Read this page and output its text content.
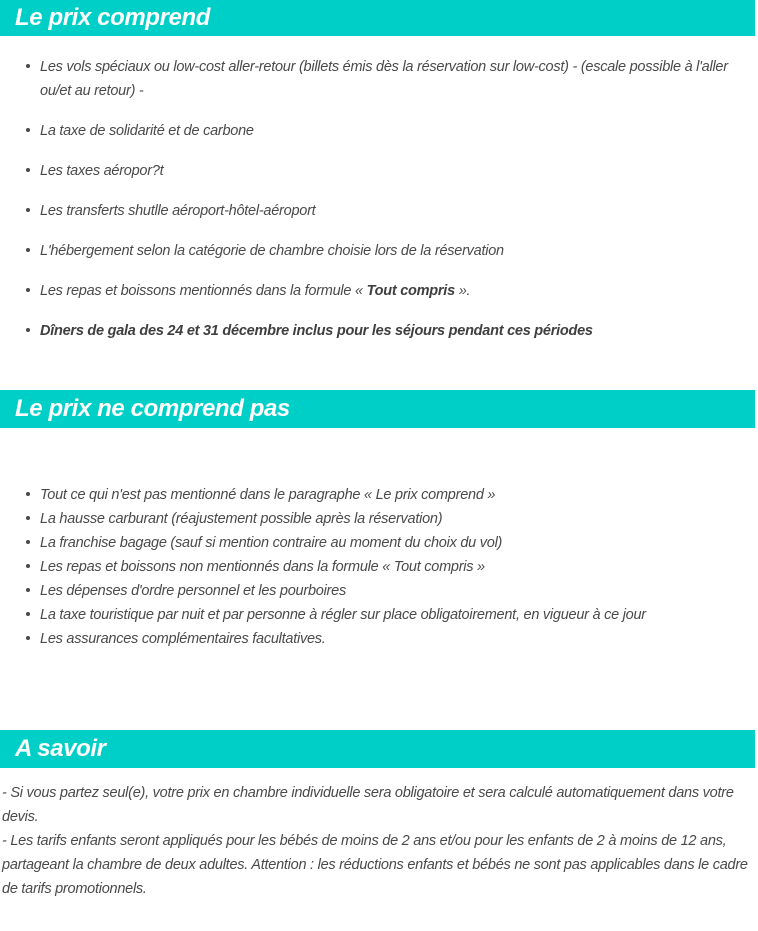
Le prix comprend
Les vols spéciaux ou low-cost aller-retour (billets émis dès la réservation sur low-cost) - (escale possible à l'aller ou/et au retour) -
La taxe de solidarité et de carbone
Les taxes aéropor?t
Les transferts shutlle aéroport-hôtel-aéroport
L'hébergement selon la catégorie de chambre choisie lors de la réservation
Les repas et boissons mentionnés dans la formule « Tout compris ».
Dîners de gala des 24 et 31 décembre inclus pour les séjours pendant ces périodes
Le prix ne comprend pas
Tout ce qui n'est pas mentionné dans le paragraphe « Le prix comprend »
La hausse carburant (réajustement possible après la réservation)
La franchise bagage (sauf si mention contraire au moment du choix du vol)
Les repas et boissons non mentionnés dans la formule « Tout compris »
Les dépenses d'ordre personnel et les pourboires
La taxe touristique par nuit et par personne à régler sur place obligatoirement, en vigueur à ce jour
Les assurances complémentaires facultatives.
A savoir

- Si vous partez seul(e), votre prix en chambre individuelle sera obligatoire et sera calculé automatiquement dans votre devis.

- Les tarifs enfants seront appliqués pour les bébés de moins de 2 ans et/ou pour les enfants de 2 à moins de 12 ans, partageant la chambre de deux adultes. Attention : les réductions enfants et bébés ne sont pas applicables dans le cadre de tarifs promotionnels.
